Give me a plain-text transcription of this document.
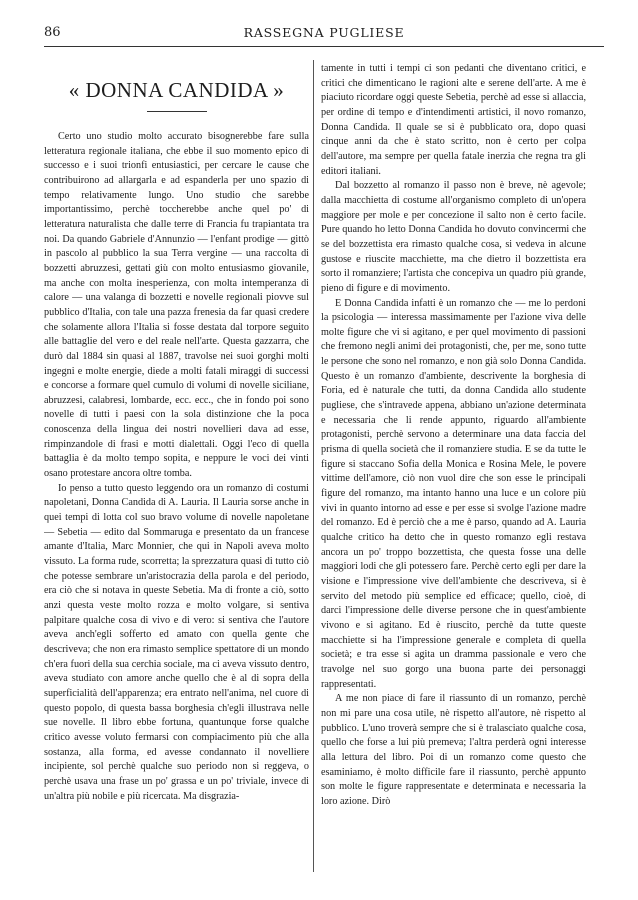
86	RASSEGNA PUGLIESE
« DONNA CANDIDA »

Certo uno studio molto accurato bisognerebbe fare sulla letteratura regionale italiana, che ebbe il suo momento epico di successo e i suoi trionfi entusiastici, per cercare le cause che contribuirono ad allargarla e ad espanderla per uno spazio di tempo relativamente lungo. Uno studio che sarebbe importantissimo, perchè toccherebbe anche quel po' di letteratura naturalista che dalle terre di Francia fu trapiantata tra noi. Da quando Gabriele d'Annunzio — l'enfant prodige — gittò in pascolo al pubblico la sua Terra vergine — una raccolta di bozzetti abruzzesi, gettati giù con molto entusiasmo giovanile, ma anche con molta inesperienza, con molta intemperanza di calore — una valanga di bozzetti e novelle regionali piovve sul pubblico d'Italia, con tale una pazza frenesia da far quasi credere che solamente allora l'Italia si fosse destata dal torpore seguito alle battaglie del vero e del reale nell'arte. Questa gazzarra, che durò dal 1884 sin quasi al 1887, travolse nei suoi gorghi molti ingegni e molte energie, diede a molti fatali miraggi di successi e concorse a formare quel cumulo di volumi di novelle siciliane, abruzzesi, calabresi, lombarde, ecc. ecc., che in fondo poi sono novelle di tutti i paesi con la sola distinzione che la poca conoscenza della lingua dei nostri novellieri dava ad esse, rimpinzandole di frasi e motti dialettali. Oggi l'eco di quella battaglia è da molto tempo sopita, e neppure le voci dei vinti osano protestare ancora oltre tomba.

Io penso a tutto questo leggendo ora un romanzo di costumi napoletani, Donna Candida di A. Lauria. Il Lauria sorse anche in quei tempi di lotta col suo bravo volume di novelle napoletane — Sebetia — edito dal Sommaruga e presentato da un francese amante d'Italia, Marc Monnier, che qui in Napoli aveva molto vissuto. La forma rude, scorretta; la sprezzatura quasi di tutto ciò che potesse sembrare un'aristocrazia della parola e del periodo, era ciò che si notava in queste Sebetia. Ma di fronte a ciò, sotto anzi questa veste molto rozza e molto volgare, si sentiva palpitare qualche cosa di vivo e di vero: si sentiva che l'autore aveva anch'egli sofferto ed amato con quella gente che descriveva; che non era rimasto semplice spettatore di un mondo ch'era fuori della sua cerchia sociale, ma ci aveva vissuto dentro, aveva studiato con amore anche quello che è al di sopra della superficialità dell'apparenza; era entrato nell'anima, nel cuore di questo popolo, di questa bassa borghesia ch'egli illustrava nelle sue novelle. Il libro ebbe fortuna, quantunque forse qualche critico avesse voluto fermarsi con compiacimento più che alla sostanza, alla forma, ed avesse condannato il novelliere incipiente, sol perchè qualche suo periodo non si reggeva, o perchè usava una frase un po' grassa e un po' triviale, invece di un'altra più nobile e più ricercata. Ma disgrazia-

tamente in tutti i tempi ci son pedanti che diventano critici, e critici che dimenticano le ragioni alte e serene dell'arte. A me è piaciuto ricordare oggi queste Sebetia, perchè ad esse si allaccia, per ordine di tempo e d'intendimenti artistici, il novo romanzo, Donna Candida. Il quale se si è pubblicato ora, dopo quasi cinque anni da che è stato scritto, non è certo per colpa dell'autore, ma sempre per quella fatale inerzia che regna tra gli editori italiani.

Dal bozzetto al romanzo il passo non è breve, nè agevole; dalla macchietta di costume all'organismo completo di un'opera maggiore per mole e per concezione il salto non è certo facile. Pure quando ho letto Donna Candida ho dovuto convincermi che se del bozzettista era rimasto qualche cosa, si vedeva in alcune gustose e riuscite macchiette, ma che dietro il bozzettista era sorto il romanziere; l'artista che concepiva un quadro più grande, pieno di figure e di movimento.

E Donna Candida infatti è un romanzo che — me lo perdoni la psicologia — interessa massimamente per l'azione viva delle molte figure che vi si agitano, e per quel movimento di passioni che fremono negli animi dei protagonisti, che, per me, sono tutte le persone che sono nel romanzo, e non già solo Donna Candida. Questo è un romanzo d'ambiente, descrivente la borghesia di Foria, ed è naturale che tutti, da donna Candida allo studente pugliese, che s'intravede appena, abbiano un'azione determinata e necessaria che li rende appunto, riguardo all'ambiente protagonisti, perchè servono a determinare una data faccia del prisma di quella società che il romanziere studia. E se da tutte le figure si staccano Sofia della Monica e Rosina Mele, le povere vittime dell'amore, ciò non vuol dire che son esse le principali figure del romanzo, ma intanto hanno una luce e un colore più vivi in quanto intorno ad esse e per esse si svolge l'azione madre del romanzo. Ed è perciò che a me è parso, quando ad A. Lauria qualche critico ha detto che in questo romanzo egli restava ancora un po' troppo bozzettista, che questa fosse una delle maggiori lodi che gli potessero fare. Perchè certo egli per dare la visione e l'impressione vive dell'ambiente che descriveva, si è servito del metodo più semplice ed efficace; quello, cioè, di darci l'impressione delle diverse persone che in quest'ambiente vivono e si agitano. Ed è riuscito, perchè da tutte queste macchiette si ha l'impressione generale e completa di quella società; e tra esse si agita un dramma passionale e vero che travolge nel suo gorgo una buona parte dei personaggi rappresentati.

A me non piace di fare il riassunto di un romanzo, perchè non mi pare una cosa utile, nè rispetto all'autore, nè rispetto al pubblico. L'uno troverà sempre che si è tralasciato qualche cosa, quello che forse a lui più premeva; l'altra perderà ogni interesse alla lettura del libro. Poi di un romanzo come questo che esaminiamo, è molto difficile fare il riassunto, perchè appunto son molte le figure rappresentate e determinata e necessaria la loro azione. Dirò
